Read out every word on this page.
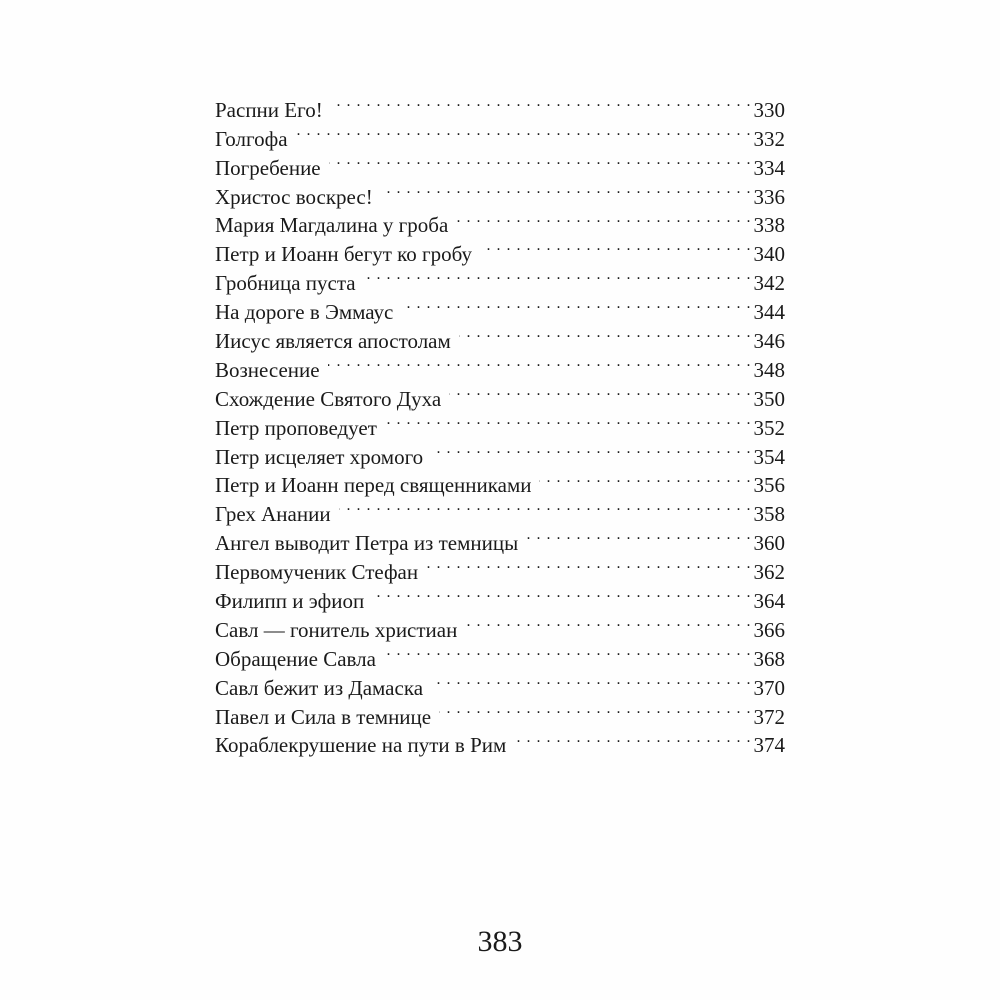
Распни Его! . . .	330
Голгофа . . .	332
Погребение . . .	334
Христос воскрес! . . .	336
Мария Магдалина у гроба . . .	338
Петр и Иоанн бегут ко гробу . . .	340
Гробница пуста . . .	342
На дороге в Эммаус . . .	344
Иисус является апостолам . . .	346
Вознесение . . .	348
Схождение Святого Духа . . .	350
Петр проповедует . . .	352
Петр исцеляет хромого . . .	354
Петр и Иоанн перед священниками . . .	356
Грех Анании . . .	358
Ангел выводит Петра из темницы . . .	360
Первомученик Стефан . . .	362
Филипп и эфиоп . . .	364
Савл — гонитель христиан . . .	366
Обращение Савла . . .	368
Савл бежит из Дамаска . . .	370
Павел и Сила в темнице . . .	372
Кораблекрушение на пути в Рим . . .	374
383
